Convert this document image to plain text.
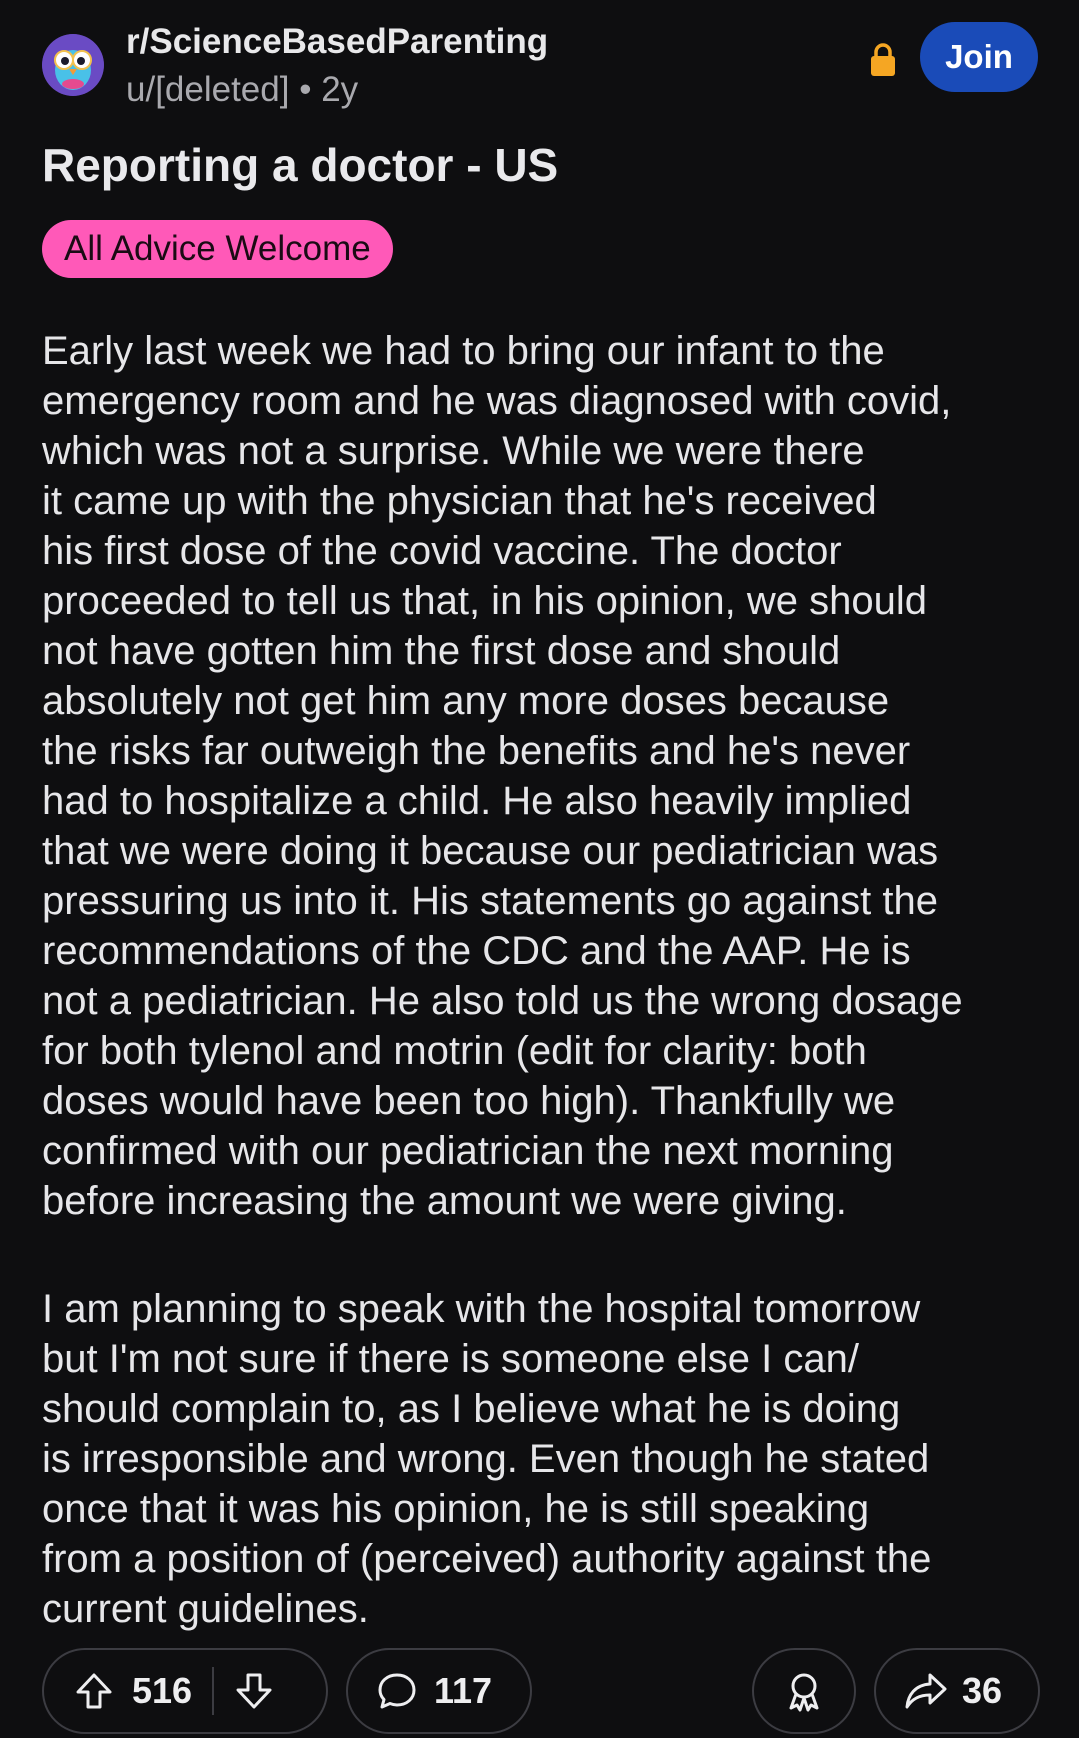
r/ScienceBasedParenting
u/[deleted] • 2y
Join
Reporting a doctor - US
All Advice Welcome

Early last week we had to bring our infant to the
emergency room and he was diagnosed with covid,
which was not a surprise. While we were there
it came up with the physician that he's received
his first dose of the covid vaccine. The doctor
proceeded to tell us that, in his opinion, we should
not have gotten him the first dose and should
absolutely not get him any more doses because
the risks far outweigh the benefits and he's never
had to hospitalize a child. He also heavily implied
that we were doing it because our pediatrician was
pressuring us into it. His statements go against the
recommendations of the CDC and the AAP. He is
not a pediatrician. He also told us the wrong dosage
for both tylenol and motrin (edit for clarity: both
doses would have been too high). Thankfully we
confirmed with our pediatrician the next morning
before increasing the amount we were giving.

I am planning to speak with the hospital tomorrow
but I'm not sure if there is someone else I can/
should complain to, as I believe what he is doing
is irresponsible and wrong. Even though he stated
once that it was his opinion, he is still speaking
from a position of (perceived) authority against the
current guidelines.

516	117	36
